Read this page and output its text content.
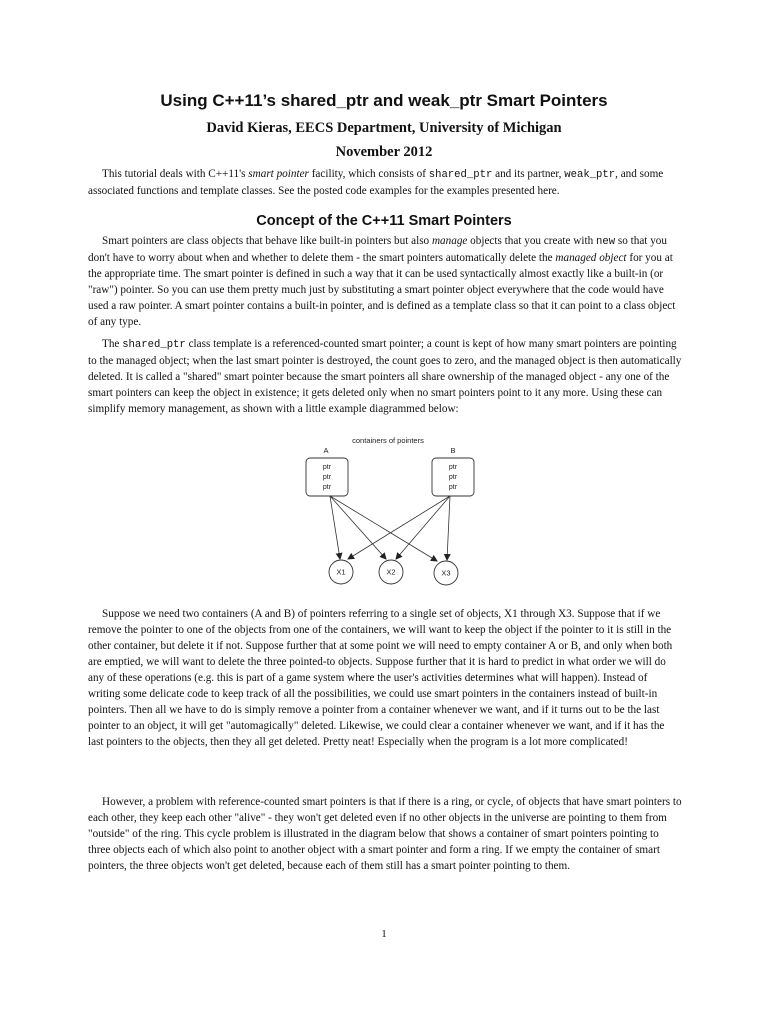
Using C++11’s shared_ptr and weak_ptr Smart Pointers
David Kieras, EECS Department, University of Michigan
November 2012

This tutorial deals with C++11's smart pointer facility, which consists of shared_ptr and its partner, weak_ptr, and some associated functions and template classes. See the posted code examples for the examples presented here.

Concept of the C++11 Smart Pointers

Smart pointers are class objects that behave like built-in pointers but also manage objects that you create with new so that you don't have to worry about when and whether to delete them - the smart pointers automatically delete the managed object for you at the appropriate time. The smart pointer is defined in such a way that it can be used syntactically almost exactly like a built-in (or "raw") pointer. So you can use them pretty much just by substituting a smart pointer object everywhere that the code would have used a raw pointer. A smart pointer contains a built-in pointer, and is defined as a template class so that it can point to a class object of any type.

The shared_ptr class template is a referenced-counted smart pointer; a count is kept of how many smart pointers are pointing to the managed object; when the last smart pointer is destroyed, the count goes to zero, and the managed object is then automatically deleted. It is called a "shared" smart pointer because the smart pointers all share ownership of the managed object - any one of the smart pointers can keep the object in existence; it gets deleted only when no smart pointers point to it any more. Using these can simplify memory management, as shown with a little example diagrammed below:

containers of pointers
A	B
ptr
ptr
ptr
ptr
ptr
ptr
X1	X2	X3

Suppose we need two containers (A and B) of pointers referring to a single set of objects, X1 through X3. Suppose that if we remove the pointer to one of the objects from one of the containers, we will want to keep the object if the pointer to it is still in the other container, but delete it if not. Suppose further that at some point we will need to empty container A or B, and only when both are emptied, we will want to delete the three pointed-to objects. Suppose further that it is hard to predict in what order we will do any of these operations (e.g. this is part of a game system where the user's activities determines what will happen). Instead of writing some delicate code to keep track of all the possibilities, we could use smart pointers in the containers instead of built-in pointers. Then all we have to do is simply remove a pointer from a container whenever we want, and if it turns out to be the last pointer to an object, it will get "automagically" deleted. Likewise, we could clear a container whenever we want, and if it has the last pointers to the objects, then they all get deleted. Pretty neat! Especially when the program is a lot more complicated!

However, a problem with reference-counted smart pointers is that if there is a ring, or cycle, of objects that have smart pointers to each other, they keep each other "alive" - they won't get deleted even if no other objects in the universe are pointing to them from "outside" of the ring. This cycle problem is illustrated in the diagram below that shows a container of smart pointers pointing to three objects each of which also point to another object with a smart pointer and form a ring. If we empty the container of smart pointers, the three objects won't get deleted, because each of them still has a smart pointer pointing to them.

1
